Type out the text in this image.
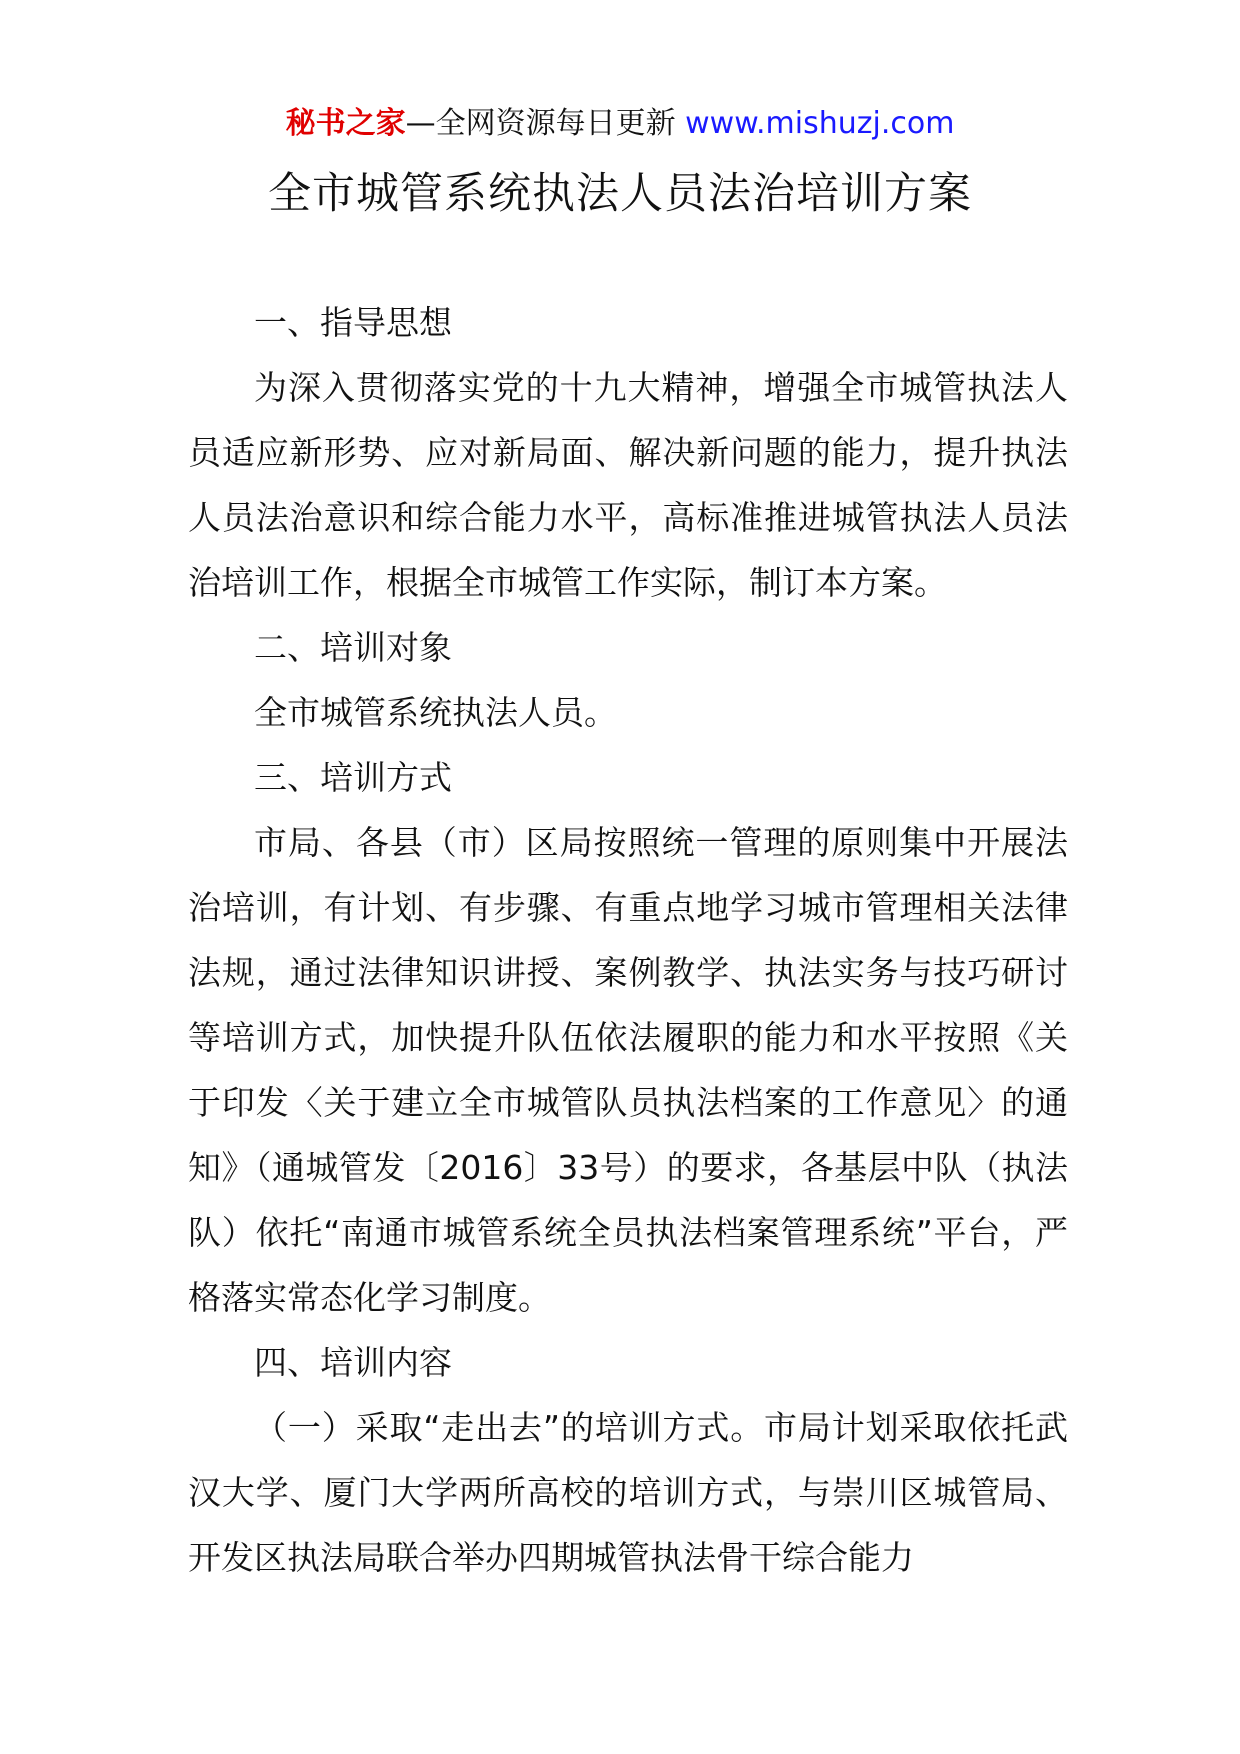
秘书之家—全网资源每日更新 www.mishuzj.com
全市城管系统执法人员法治培训方案

一、指导思想

为深入贯彻落实党的十九大精神，增强全市城管执法人员适应新形势、应对新局面、解决新问题的能力，提升执法人员法治意识和综合能力水平，高标准推进城管执法人员法治培训工作，根据全市城管工作实际，制订本方案。

二、培训对象

全市城管系统执法人员。

三、培训方式

市局、各县（市）区局按照统一管理的原则集中开展法治培训，有计划、有步骤、有重点地学习城市管理相关法律法规，通过法律知识讲授、案例教学、执法实务与技巧研讨等培训方式，加快提升队伍依法履职的能力和水平按照《关于印发〈关于建立全市城管队员执法档案的工作意见〉的通知》（通城管发〔2016〕33号）的要求，各基层中队（执法队）依托“南通市城管系统全员执法档案管理系统”平台，严格落实常态化学习制度。

四、培训内容

（一）采取“走出去”的培训方式。市局计划采取依托武汉大学、厦门大学两所高校的培训方式，与崇川区城管局、开发区执法局联合举办四期城管执法骨干综合能力
